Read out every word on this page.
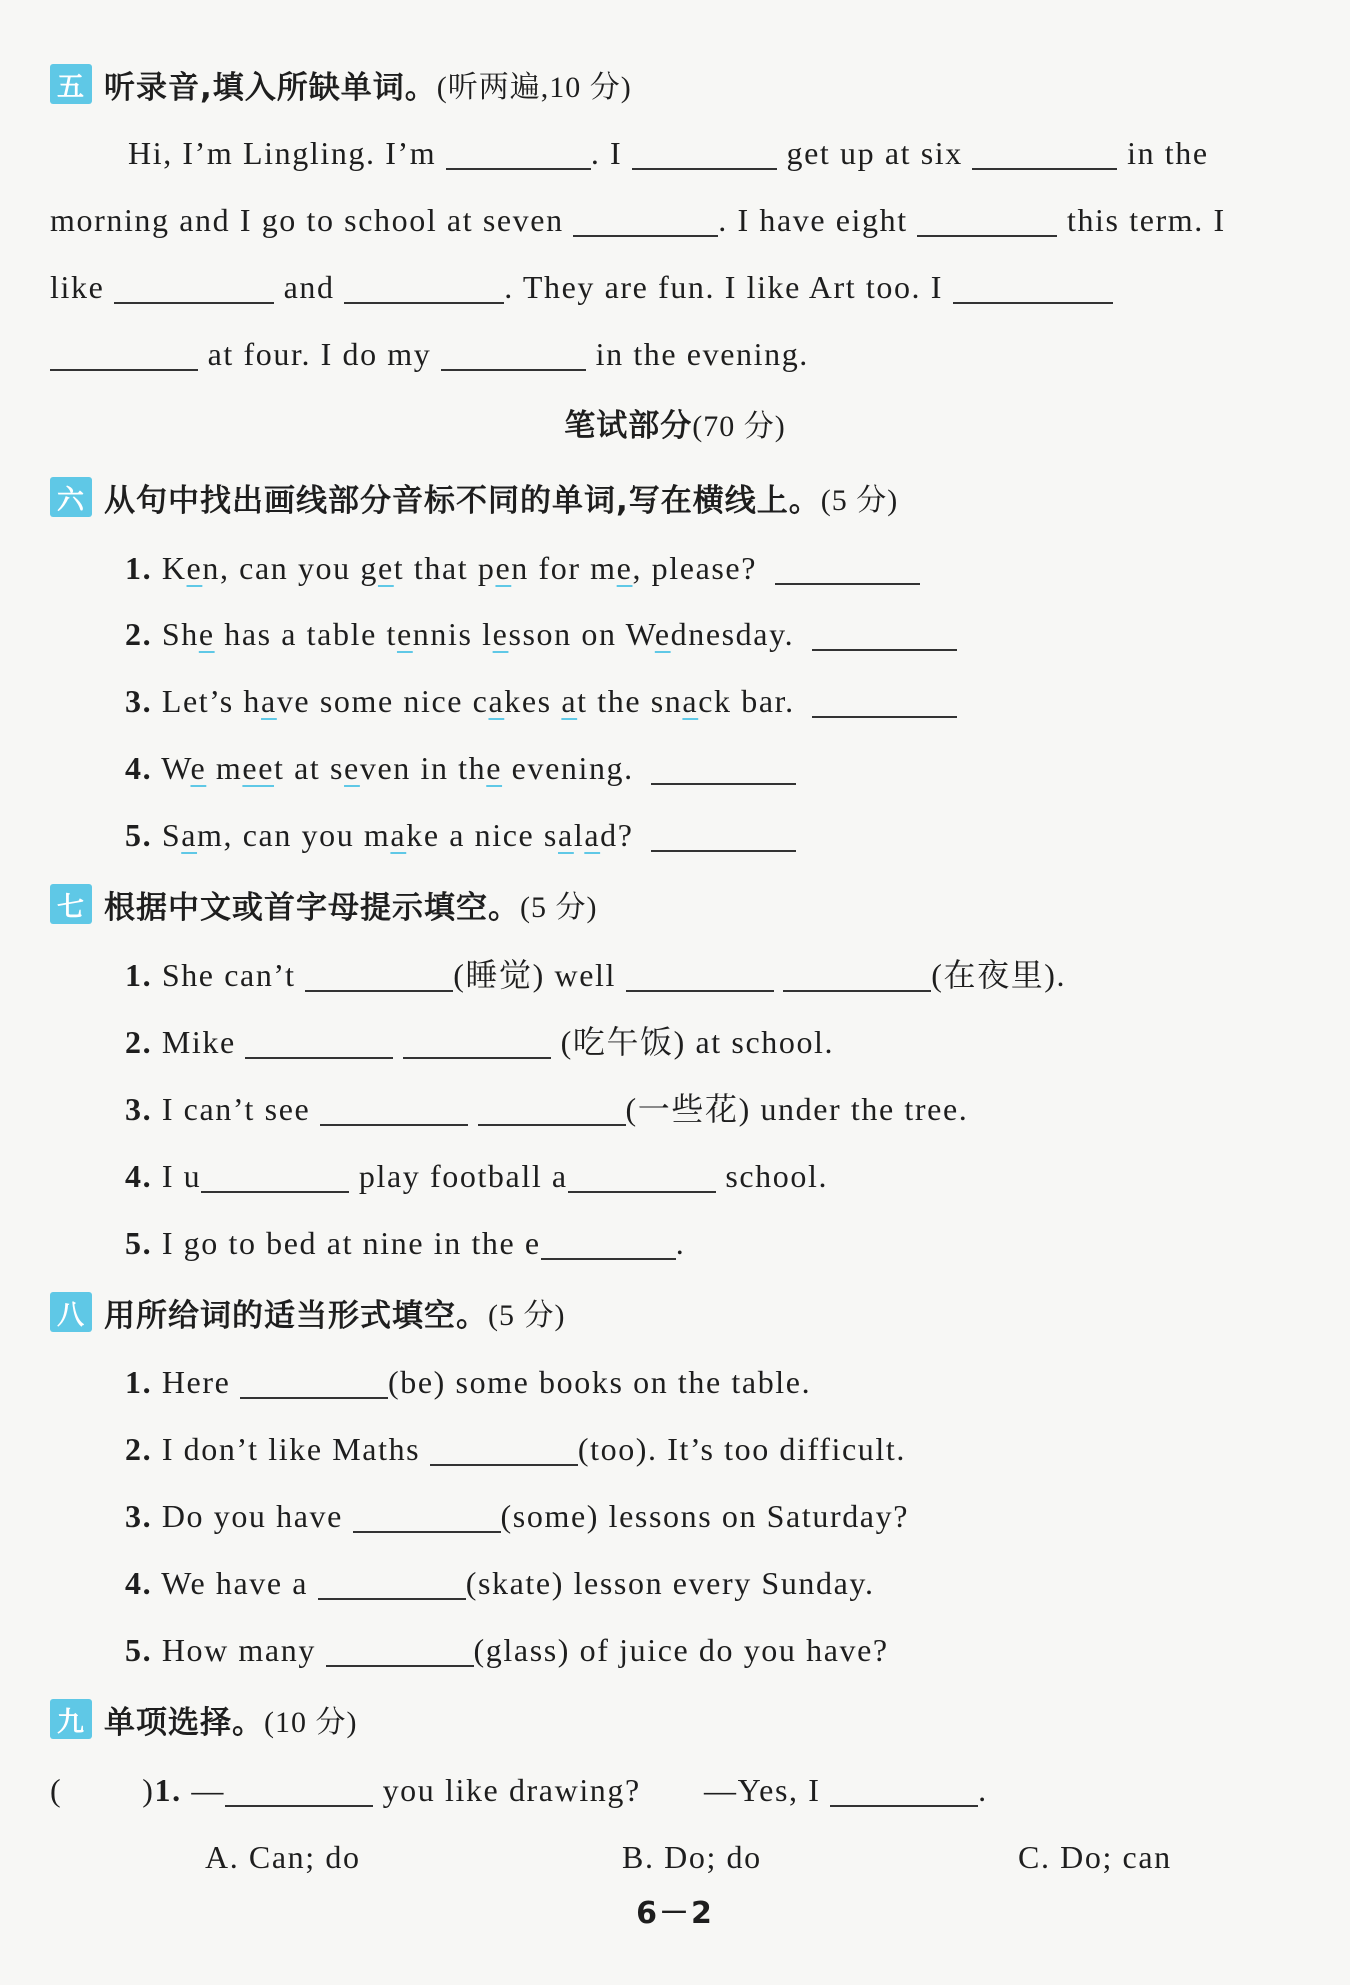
五 听录音,填入所缺单词。 (听两遍,10 分)
Hi, I’m Lingling. I’m	. I	get up at six	in the
morning and I go to school at seven	. I have eight	this term. I
like	and	. They are fun. I like Art too. I
at four. I do my	in the evening.
笔试部分(70 分)
六 从句中找出画线部分音标不同的单词,写在横线上。 (5 分)
1. Ken, can you get that pen for me, please?
2. She has a table tennis lesson on Wednesday.
3. Let’s have some nice cakes at the snack bar.
4. We meet at seven in the evening.
5. Sam, can you make a nice salad?
七 根据中文或首字母提示填空。 (5 分)
1. She can’t	(睡觉) well	(在夜里).
2. Mike	(吃午饭) at school.
3. I can’t see	(一些花) under the tree.
4. I u	play football a	school.
5. I go to bed at nine in the e	.
八 用所给词的适当形式填空。 (5 分)
1. Here	(be) some books on the table.
2. I don’t like Maths	(too). It’s too difficult.
3. Do you have	(some) lessons on Saturday?
4. We have a	(skate) lesson every Sunday.
5. How many	(glass) of juice do you have?
九 单项选择。 (10 分)
(	)1. —	you like drawing? —Yes, I	.
A. Can; do	B. Do; do	C. Do; can
6－2
